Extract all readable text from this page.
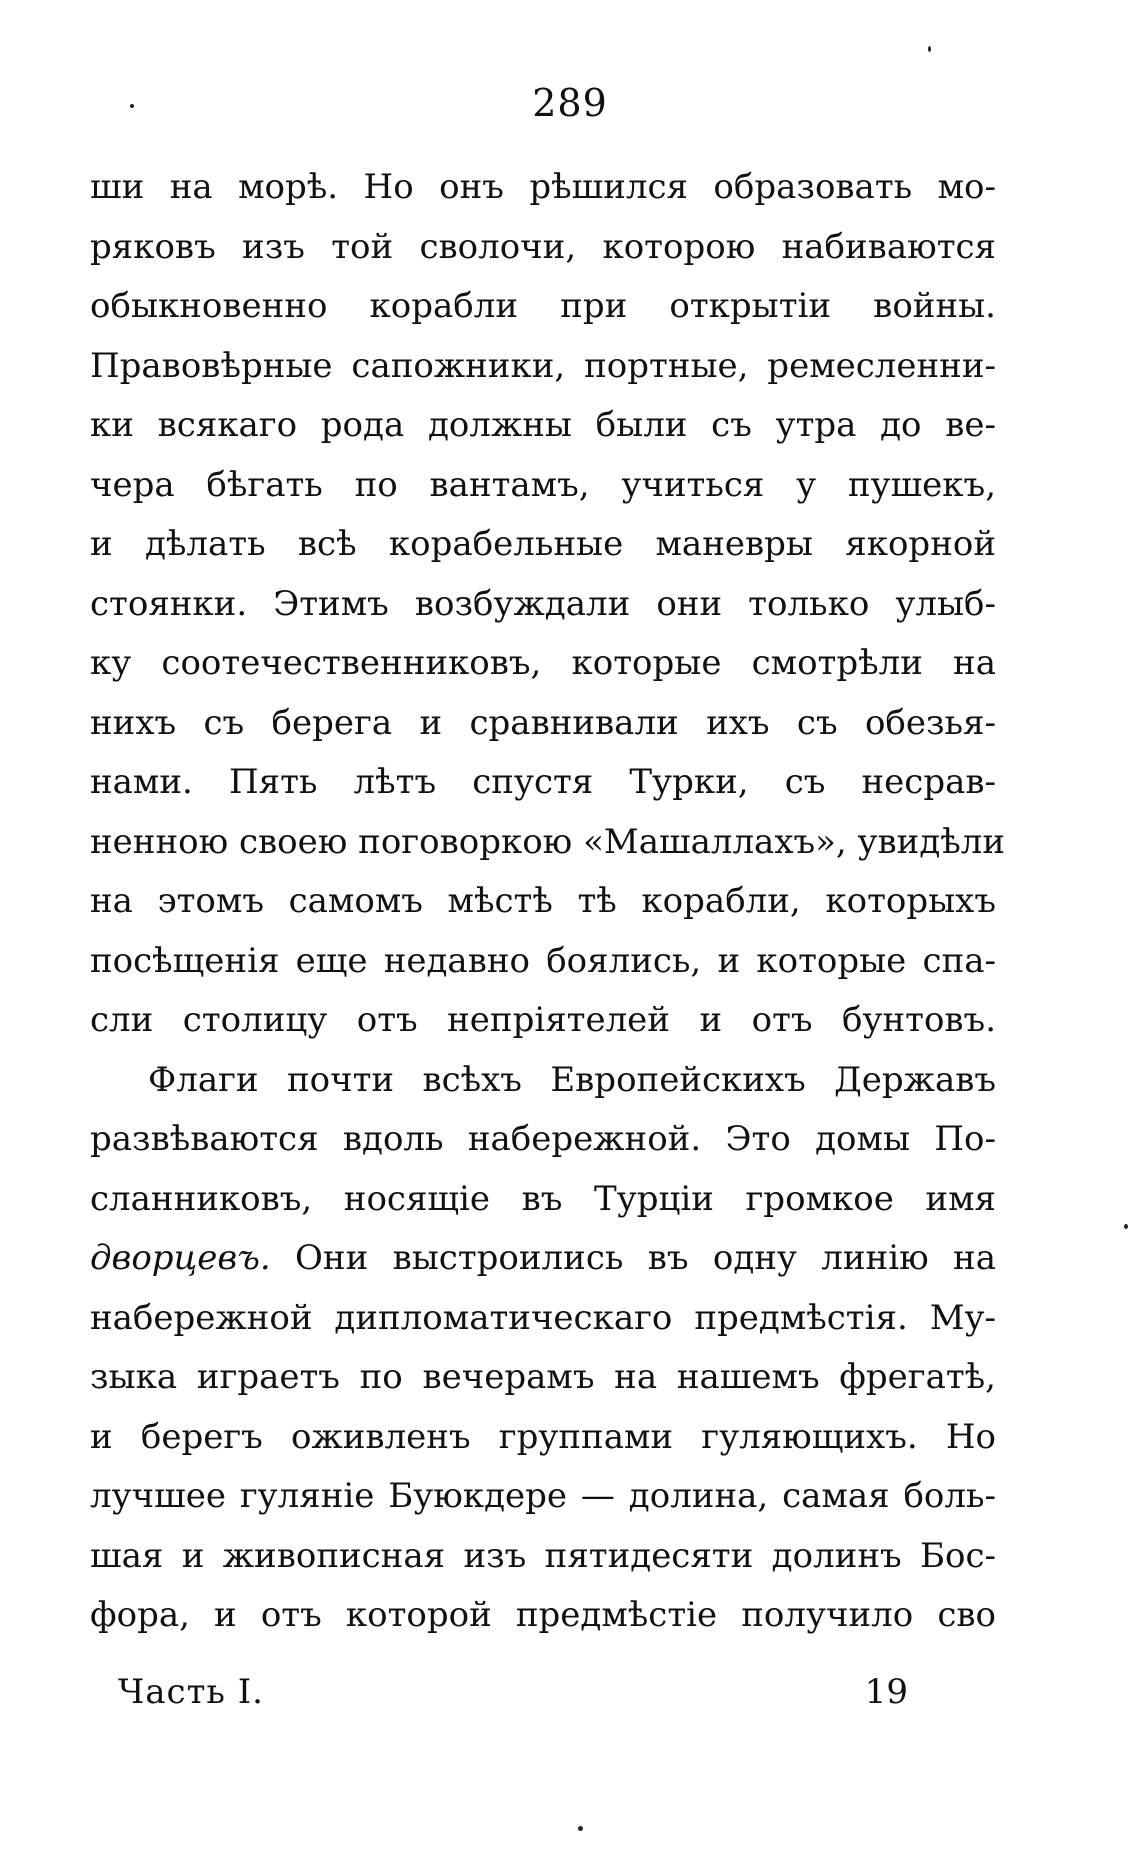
289
ши на морѣ. Но онъ рѣшился образовать мо-
ряковъ изъ той сволочи, которою набиваются
обыкновенно корабли при открытіи войны.
Правовѣрные сапожники, портные, ремесленни-
ки всякаго рода должны были съ утра до ве-
чера бѣгать по вантамъ, учиться у пушекъ,
и дѣлать всѣ корабельные маневры якорной
стоянки. Этимъ возбуждали они только улыб-
ку соотечественниковъ, которые смотрѣли на
нихъ съ берега и сравнивали ихъ съ обезья-
нами. Пять лѣтъ спустя Турки, съ несрав-
ненною своею поговоркою «Машаллахъ», увидѣли
на этомъ самомъ мѣстѣ тѣ корабли, которыхъ
посѣщенія еще недавно боялись, и которые спа-
сли столицу отъ непріятелей и отъ бунтовъ.
Флаги почти всѣхъ Европейскихъ Державъ
развѣваются вдоль набережной. Это домы По-
сланниковъ, носящіе въ Турціи громкое имя
дворцевъ. Они выстроились въ одну линію на
набережной дипломатическаго предмѣстія. Му-
зыка играетъ по вечерамъ на нашемъ фрегатѣ,
и берегъ оживленъ группами гуляющихъ. Но
лучшее гуляніе Буюкдере — долина, самая боль-
шая и живописная изъ пятидесяти долинъ Бос-
фора, и отъ которой предмѣстіе получило сво
Часть I.	19
